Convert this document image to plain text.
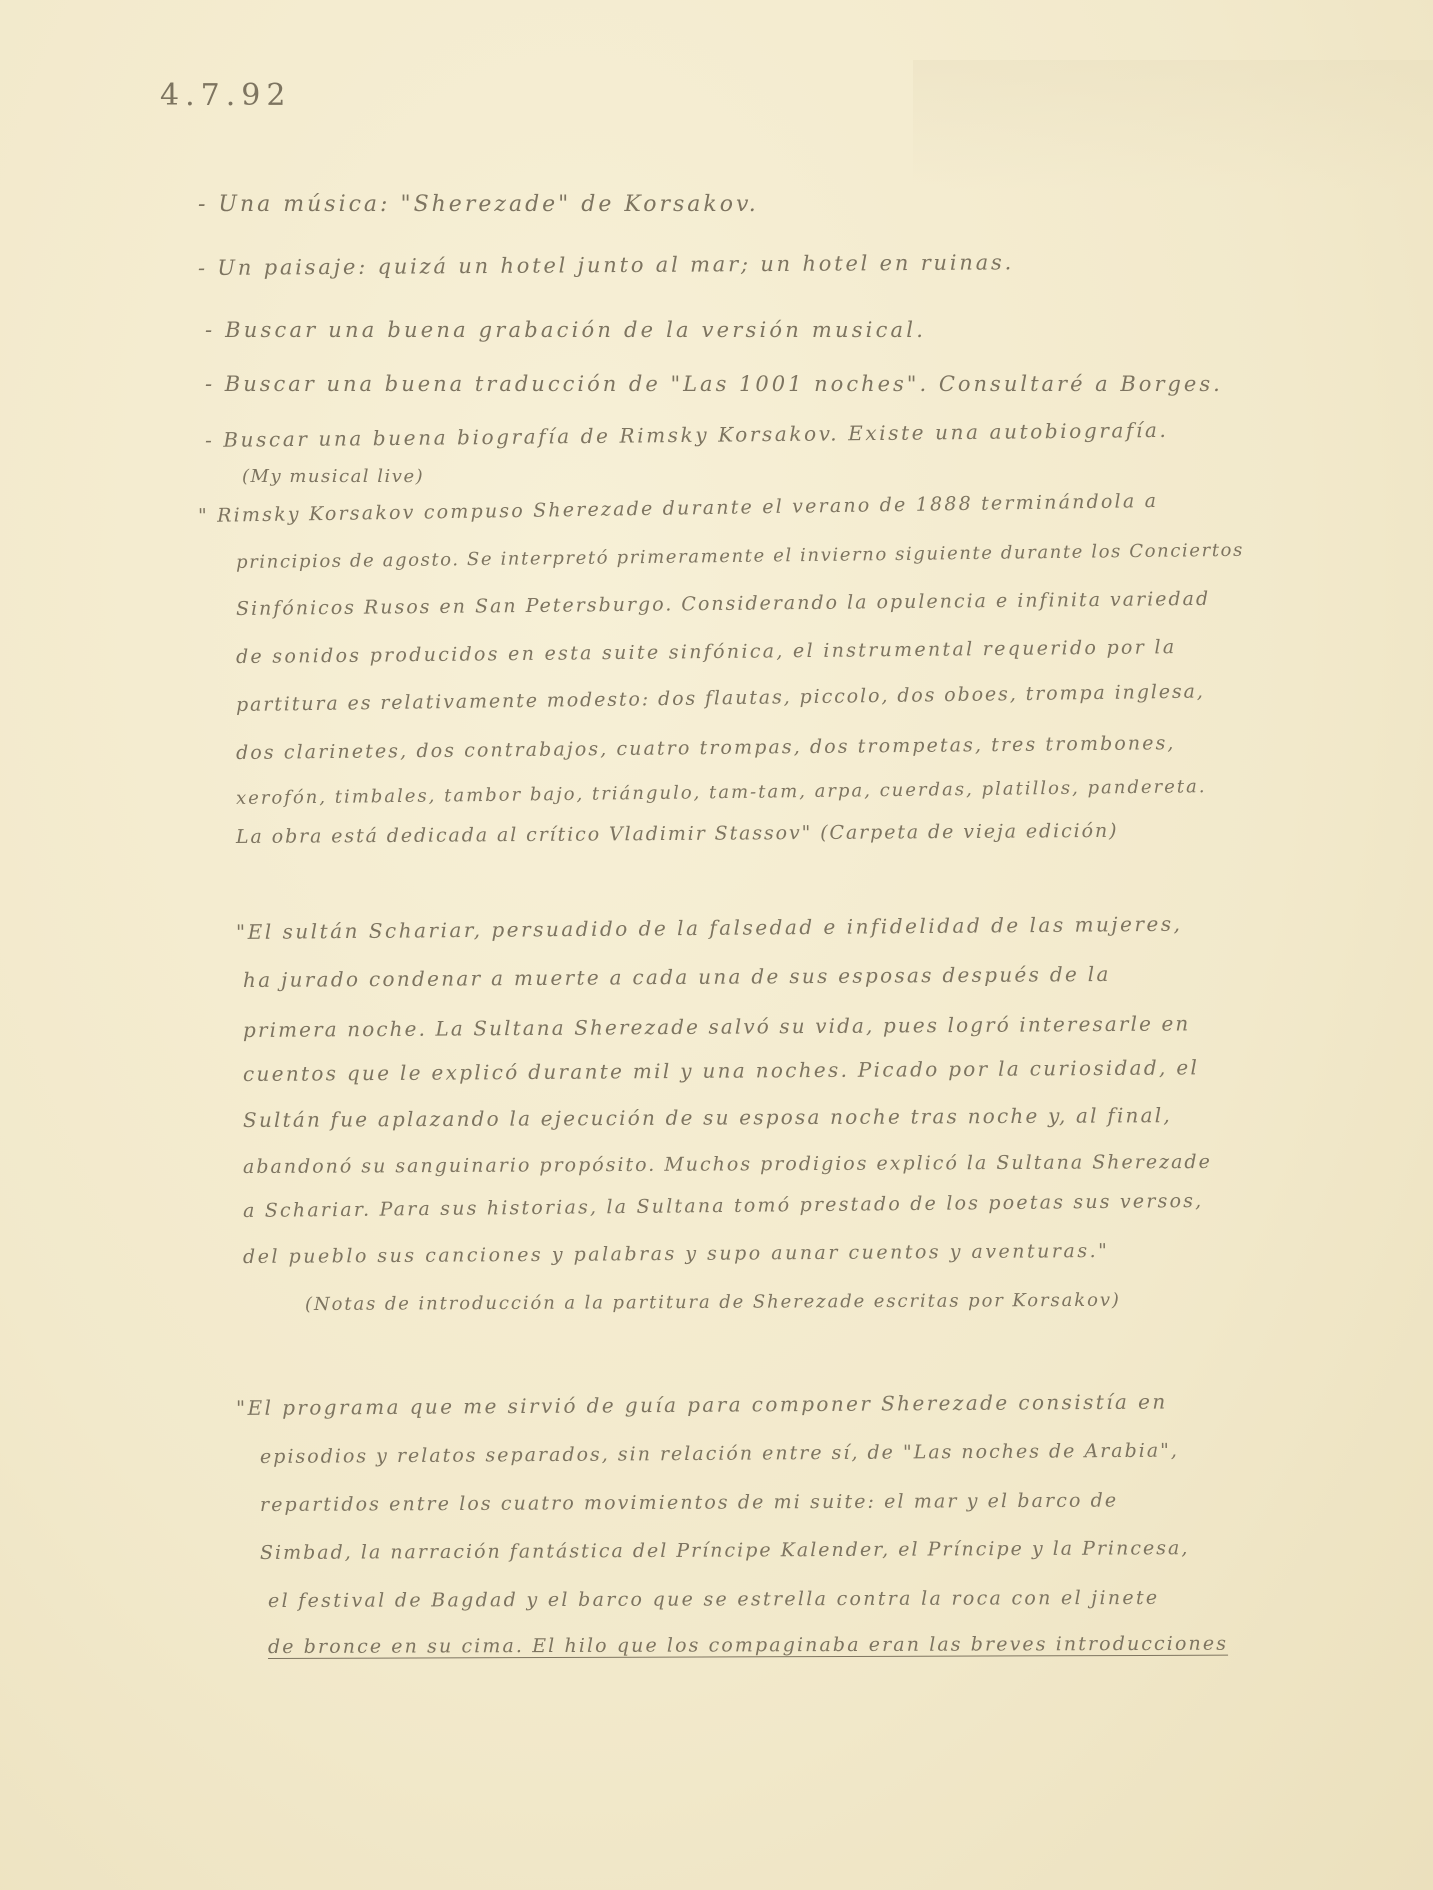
4.7.92
- Una música: "Sherezade" de Korsakov.
- Un paisaje: quizá un hotel junto al mar; un hotel en ruinas.
- Buscar una buena grabación de la versión musical.
- Buscar una buena traducción de "Las 1001 noches". Consultaré a Borges.
- Buscar una buena biografía de Rimsky Korsakov. Existe una autobiografía.
(My musical live)
" Rimsky Korsakov compuso Sherezade durante el verano de 1888 terminándola a
principios de agosto. Se interpretó primeramente el invierno siguiente durante los Conciertos
Sinfónicos Rusos en San Petersburgo. Considerando la opulencia e infinita variedad
de sonidos producidos en esta suite sinfónica, el instrumental requerido por la
partitura es relativamente modesto: dos flautas, piccolo, dos oboes, trompa inglesa,
dos clarinetes, dos contrabajos, cuatro trompas, dos trompetas, tres trombones,
xerofón, timbales, tambor bajo, triángulo, tam-tam, arpa, cuerdas, platillos, pandereta.
La obra está dedicada al crítico Vladimir Stassov" (Carpeta de vieja edición)
"El sultán Schariar, persuadido de la falsedad e infidelidad de las mujeres,
ha jurado condenar a muerte a cada una de sus esposas después de la
primera noche. La Sultana Sherezade salvó su vida, pues logró interesarle en
cuentos que le explicó durante mil y una noches. Picado por la curiosidad, el
Sultán fue aplazando la ejecución de su esposa noche tras noche y, al final,
abandonó su sanguinario propósito. Muchos prodigios explicó la Sultana Sherezade
a Schariar. Para sus historias, la Sultana tomó prestado de los poetas sus versos,
del pueblo sus canciones y palabras y supo aunar cuentos y aventuras."
(Notas de introducción a la partitura de Sherezade escritas por Korsakov)
"El programa que me sirvió de guía para componer Sherezade consistía en
episodios y relatos separados, sin relación entre sí, de "Las noches de Arabia",
repartidos entre los cuatro movimientos de mi suite: el mar y el barco de
Simbad, la narración fantástica del Príncipe Kalender, el Príncipe y la Princesa,
el festival de Bagdad y el barco que se estrella contra la roca con el jinete
de bronce en su cima. El hilo que los compaginaba eran las breves introducciones
